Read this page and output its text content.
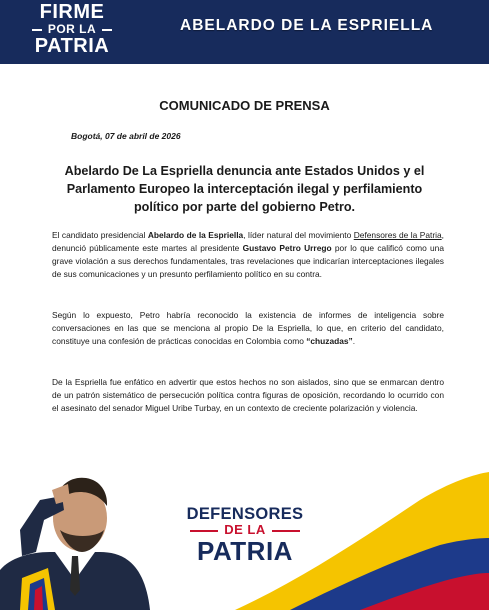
FIRME
POR LA
PATRIA
ABELARDO DE LA ESPRIELLA
COMUNICADO DE PRENSA
Bogotá, 07 de abril de 2026
Abelardo De La Espriella denuncia ante Estados Unidos y el Parlamento Europeo la interceptación ilegal y perfilamiento político por parte del gobierno Petro.
El candidato presidencial Abelardo de la Espriella, líder natural del movimiento Defensores de la Patria, denunció públicamente este martes al presidente Gustavo Petro Urrego por lo que calificó como una grave violación a sus derechos fundamentales, tras revelaciones que indicarían interceptaciones ilegales de sus comunicaciones y un presunto perfilamiento político en su contra.
Según lo expuesto, Petro habría reconocido la existencia de informes de inteligencia sobre conversaciones en las que se menciona al propio De la Espriella, lo que, en criterio del candidato, constituye una confesión de prácticas conocidas en Colombia como “chuzadas”.
De la Espriella fue enfático en advertir que estos hechos no son aislados, sino que se enmarcan dentro de un patrón sistemático de persecución política contra figuras de oposición, recordando lo ocurrido con el asesinato del senador Miguel Uribe Turbay, en un contexto de creciente polarización y violencia.
DEFENSORES
DE LA
PATRIA
